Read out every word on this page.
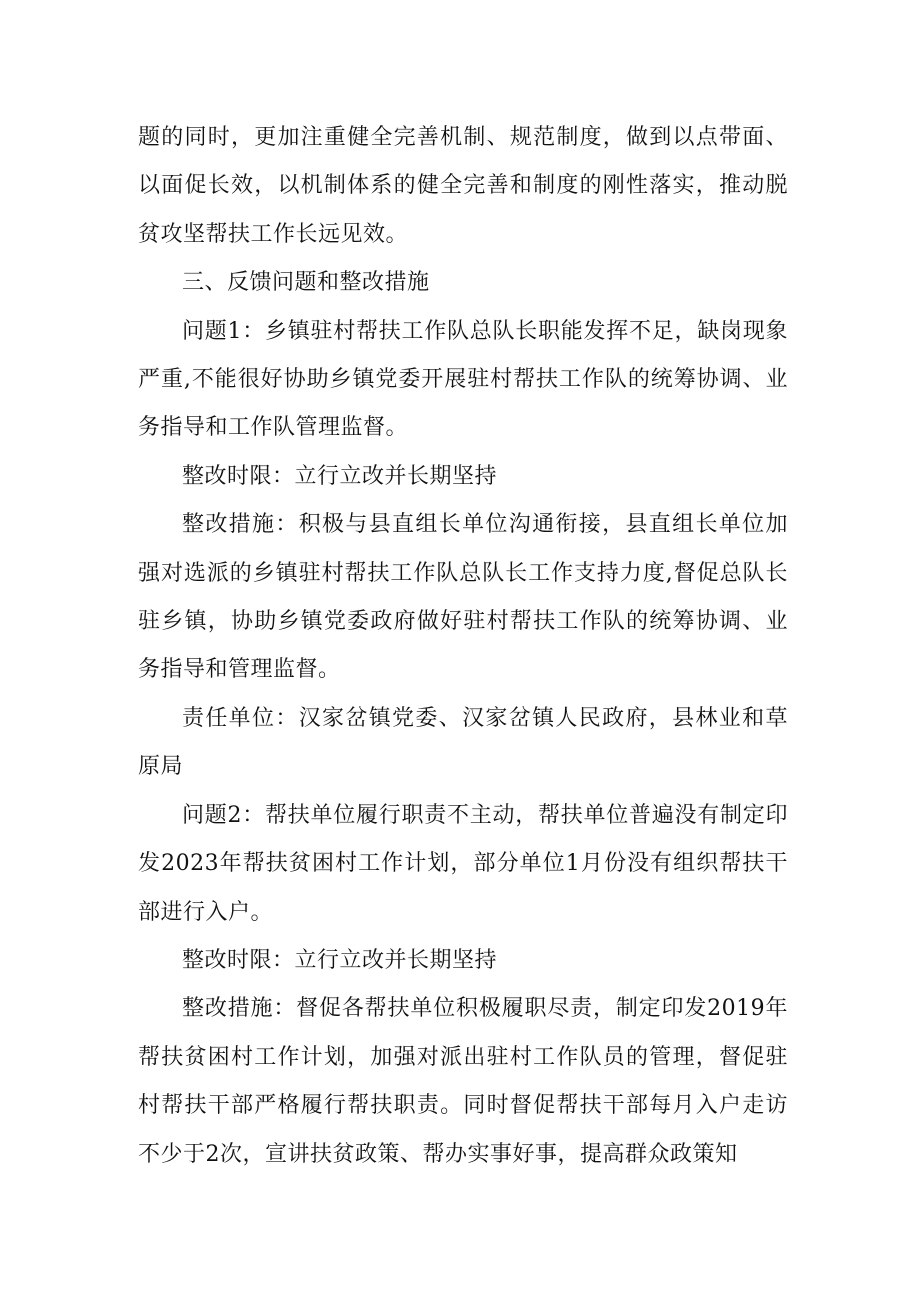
题的同时，更加注重健全完善机制、规范制度，做到以点带面、以面促长效，以机制体系的健全完善和制度的刚性落实，推动脱贫攻坚帮扶工作长远见效。

三、反馈问题和整改措施

问题1：乡镇驻村帮扶工作队总队长职能发挥不足，缺岗现象严重,不能很好协助乡镇党委开展驻村帮扶工作队的统筹协调、业务指导和工作队管理监督。

整改时限：立行立改并长期坚持

整改措施：积极与县直组长单位沟通衔接，县直组长单位加强对选派的乡镇驻村帮扶工作队总队长工作支持力度,督促总队长驻乡镇，协助乡镇党委政府做好驻村帮扶工作队的统筹协调、业务指导和管理监督。

责任单位：汉家岔镇党委、汉家岔镇人民政府，县林业和草原局

问题2：帮扶单位履行职责不主动，帮扶单位普遍没有制定印发2023年帮扶贫困村工作计划，部分单位1月份没有组织帮扶干部进行入户。

整改时限：立行立改并长期坚持

整改措施：督促各帮扶单位积极履职尽责，制定印发2019年帮扶贫困村工作计划，加强对派出驻村工作队员的管理，督促驻村帮扶干部严格履行帮扶职责。同时督促帮扶干部每月入户走访不少于2次，宣讲扶贫政策、帮办实事好事，提高群众政策知
